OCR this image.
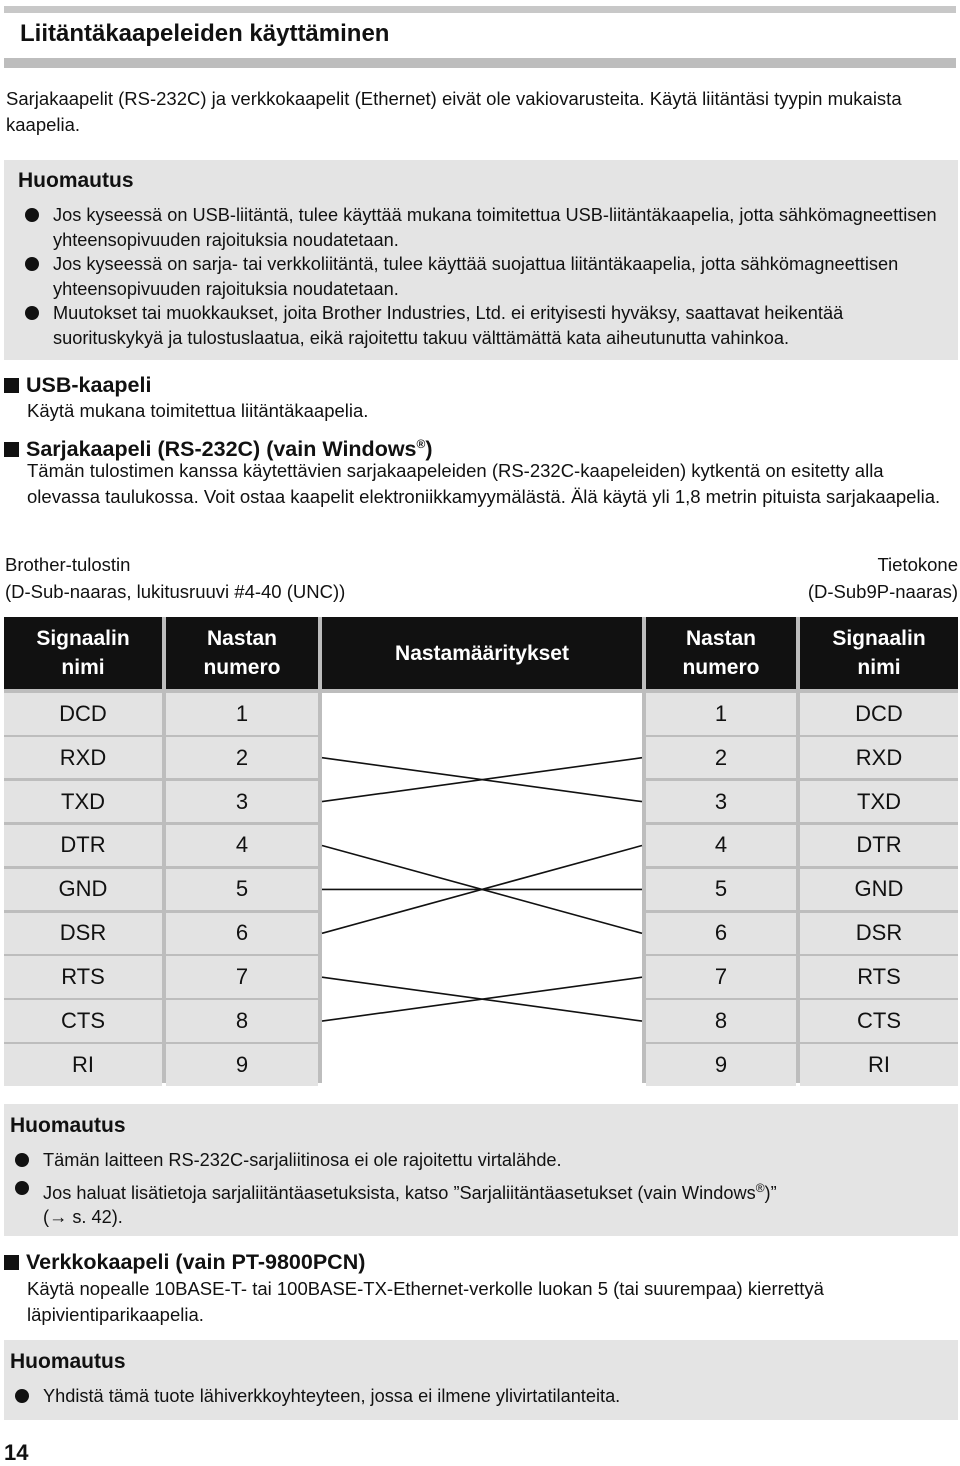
Liitäntäkaapeleiden käyttäminen
Sarjakaapelit (RS-232C) ja verkkokaapelit (Ethernet) eivät ole vakiovarusteita. Käytä liitäntäsi tyypin mukaista kaapelia.
Huomautus
Jos kyseessä on USB-liitäntä, tulee käyttää mukana toimitettua USB-liitäntäkaapelia, jotta sähkömagneettisen yhteensopivuuden rajoituksia noudatetaan.
Jos kyseessä on sarja- tai verkkoliitäntä, tulee käyttää suojattua liitäntäkaapelia, jotta sähkömagneettisen yhteensopivuuden rajoituksia noudatetaan.
Muutokset tai muokkaukset, joita Brother Industries, Ltd. ei erityisesti hyväksy, saattavat heikentää suorituskykyä ja tulostuslaatua, eikä rajoitettu takuu välttämättä kata aiheutunutta vahinkoa.
USB-kaapeli
Käytä mukana toimitettua liitäntäkaapelia.
Sarjakaapeli (RS-232C) (vain Windows®)
Tämän tulostimen kanssa käytettävien sarjakaapeleiden (RS-232C-kaapeleiden) kytkentä on esitetty alla olevassa taulukossa. Voit ostaa kaapelit elektroniikkamyymälästä. Älä käytä yli 1,8 metrin pituista sarjakaapelia.
Brother-tulostin
(D-Sub-naaras, lukitusruuvi #4-40 (UNC))
Tietokone
(D-Sub9P-naaras)
Signaalin nimi
Nastan numero
Nastamääritykset
Nastan numero
Signaalin nimi
DCD	1	1	DCD
RXD	2	2	RXD
TXD	3	3	TXD
DTR	4	4	DTR
GND	5	5	GND
DSR	6	6	DSR
RTS	7	7	RTS
CTS	8	8	CTS
RI	9	9	RI
Huomautus
Tämän laitteen RS-232C-sarjaliitinosa ei ole rajoitettu virtalähde.
Jos haluat lisätietoja sarjaliitäntäasetuksista, katso ”Sarjaliitäntäasetukset (vain Windows®)”
(→ s. 42).
Verkkokaapeli (vain PT-9800PCN)
Käytä nopealle 10BASE-T- tai 100BASE-TX-Ethernet-verkolle luokan 5 (tai suurempaa) kierrettyä läpivientiparikaapelia.
Huomautus
Yhdistä tämä tuote lähiverkkoyhteyteen, jossa ei ilmene ylivirtatilanteita.
14
